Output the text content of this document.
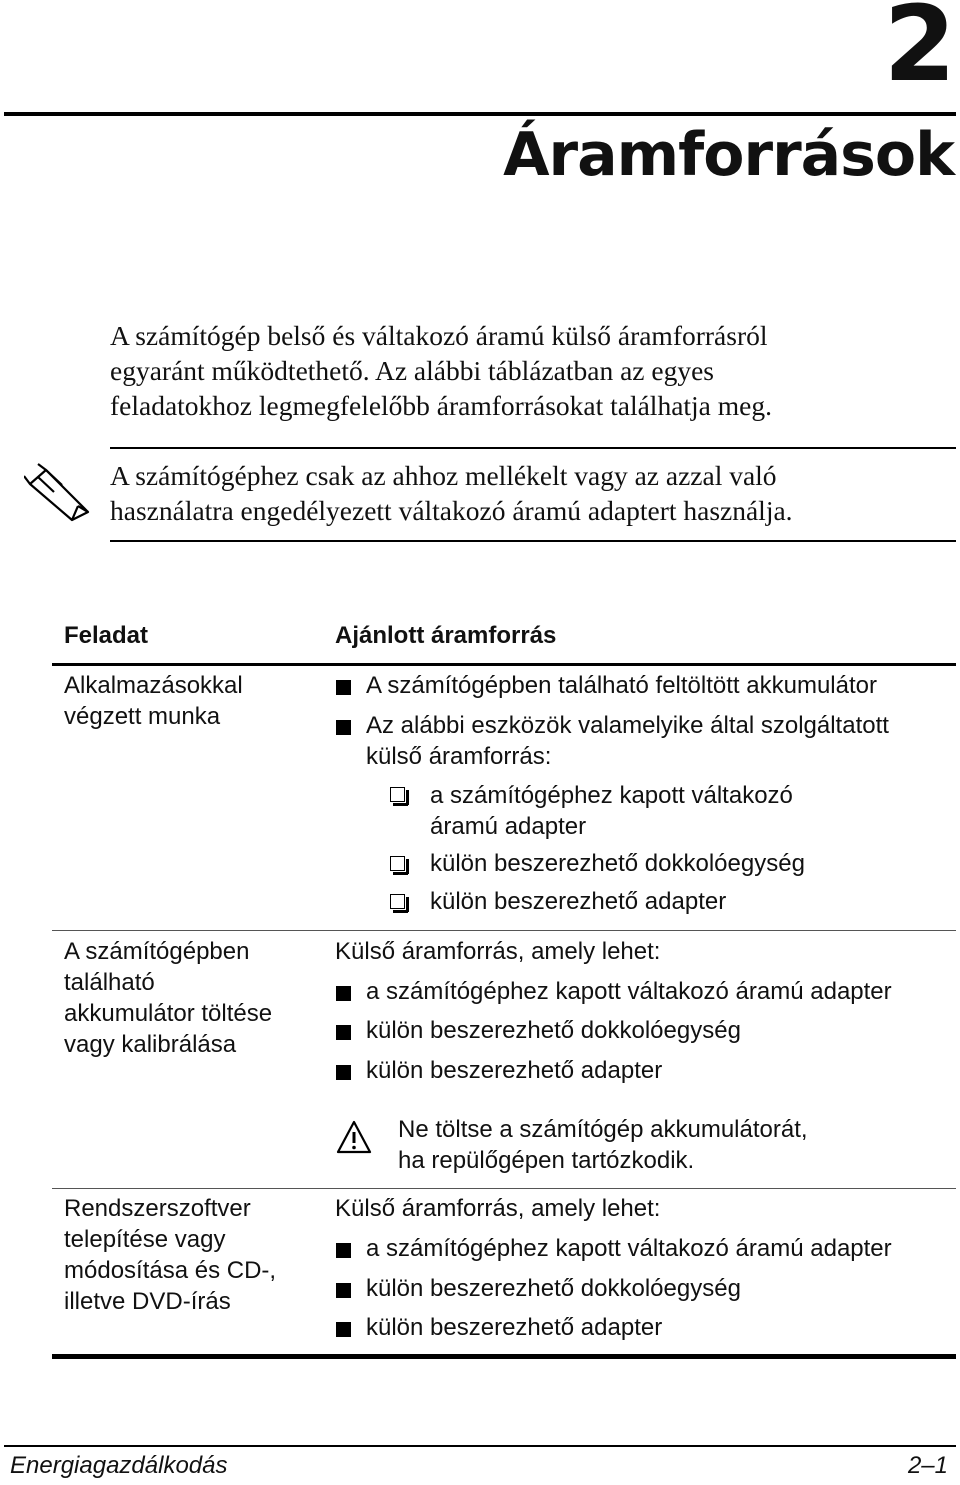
2
Áramforrások
A számítógép belső és váltakozó áramú külső áramforrásról
egyaránt működtethető. Az alábbi táblázatban az egyes
feladatokhoz legmegfelelőbb áramforrásokat találhatja meg.
A számítógéphez csak az ahhoz mellékelt vagy az azzal való
használatra engedélyezett váltakozó áramú adaptert használja.
Feladat	Ajánlott áramforrás
Alkalmazásokkal
végzett munka
A számítógépben található feltöltött akkumulátor
Az alábbi eszközök valamelyike által szolgáltatott
külső áramforrás:
a számítógéphez kapott váltakozó
áramú adapter
külön beszerezhető dokkolóegység
külön beszerezhető adapter
A számítógépben
található
akkumulátor töltése
vagy kalibrálása
Külső áramforrás, amely lehet:
a számítógéphez kapott váltakozó áramú adapter
külön beszerezhető dokkolóegység
külön beszerezhető adapter
Ne töltse a számítógép akkumulátorát,
ha repülőgépen tartózkodik.
Rendszerszoftver
telepítése vagy
módosítása és CD-,
illetve DVD-írás
Külső áramforrás, amely lehet:
a számítógéphez kapott váltakozó áramú adapter
külön beszerezhető dokkolóegység
külön beszerezhető adapter
Energiagazdálkodás	2–1
